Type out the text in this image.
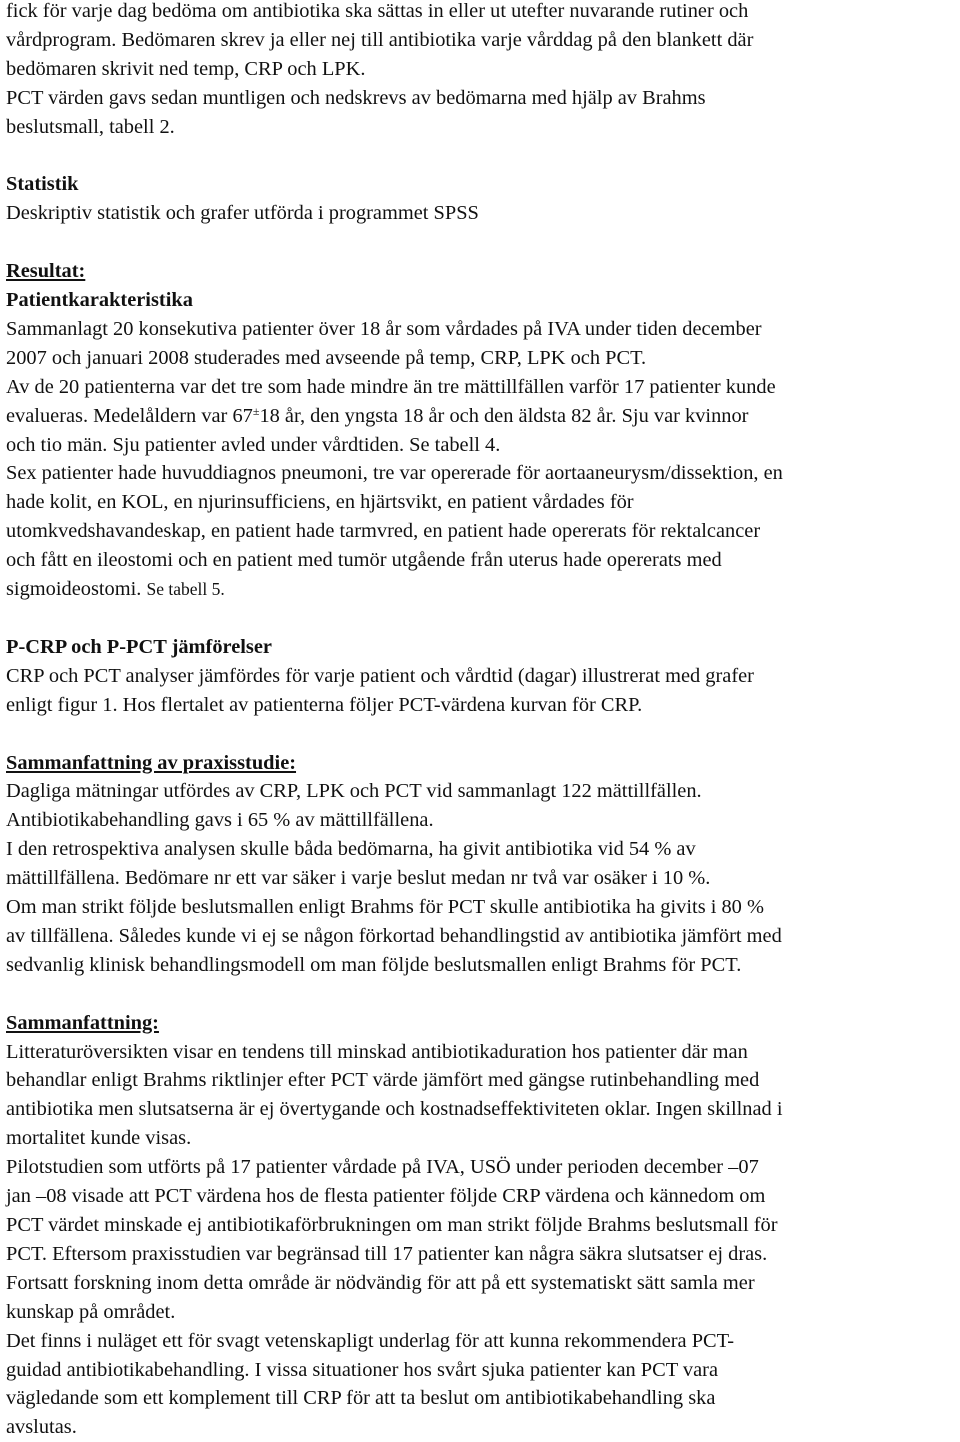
fick för varje dag bedöma om antibiotika ska sättas in eller ut utefter nuvarande rutiner och
vårdprogram. Bedömaren skrev ja eller nej till antibiotika varje vårddag på den blankett där
bedömaren skrivit ned temp, CRP och LPK.
PCT värden gavs sedan muntligen och nedskrevs av bedömarna med hjälp av Brahms
beslutsmall, tabell 2.
Statistik
Deskriptiv statistik och grafer utförda i programmet SPSS
Resultat:
Patientkarakteristika
Sammanlagt 20 konsekutiva patienter över 18 år som vårdades på IVA under tiden december
2007 och januari 2008 studerades med avseende på temp, CRP, LPK och PCT.
Av de 20 patienterna var det tre som hade mindre än tre mättillfällen varför 17 patienter kunde
evalueras. Medelåldern var 67±18 år, den yngsta 18 år och den äldsta 82 år. Sju var kvinnor
och tio män. Sju patienter avled under vårdtiden. Se tabell 4.
Sex patienter hade huvuddiagnos pneumoni, tre var opererade för aortaaneurysm/dissektion, en
hade kolit, en KOL, en njurinsufficiens, en hjärtsvikt, en patient vårdades för
utomkvedshavandeskap, en patient hade tarmvred, en patient hade opererats för rektalcancer
och fått en ileostomi och en patient med tumör utgående från uterus hade opererats med
sigmoideostomi. Se tabell 5.
P-CRP och P-PCT jämförelser
CRP och PCT analyser jämfördes för varje patient och vårdtid (dagar) illustrerat med grafer
enligt figur 1. Hos flertalet av patienterna följer PCT-värdena kurvan för CRP.
Sammanfattning av praxisstudie:
Dagliga mätningar utfördes av CRP, LPK och PCT vid sammanlagt 122 mättillfällen.
Antibiotikabehandling gavs i 65 % av mättillfällena.
I den retrospektiva analysen skulle båda bedömarna, ha givit antibiotika vid 54 % av
mättillfällena. Bedömare nr ett var säker i varje beslut medan nr två var osäker i 10 %.
Om man strikt följde beslutsmallen enligt Brahms för PCT skulle antibiotika ha givits i 80 %
av tillfällena. Således kunde vi ej se någon förkortad behandlingstid av antibiotika jämfört med
sedvanlig klinisk behandlingsmodell om man följde beslutsmallen enligt Brahms för PCT.
Sammanfattning:
Litteraturöversikten visar en tendens till minskad antibiotikaduration hos patienter där man
behandlar enligt Brahms riktlinjer efter PCT värde jämfört med gängse rutinbehandling med
antibiotika men slutsatserna är ej övertygande och kostnadseffektiviteten oklar. Ingen skillnad i
mortalitet kunde visas.
Pilotstudien som utförts på 17 patienter vårdade på IVA, USÖ under perioden december –07
jan –08 visade att PCT värdena hos de flesta patienter följde CRP värdena och kännedom om
PCT värdet minskade ej antibiotikaförbrukningen om man strikt följde Brahms beslutsmall för
PCT. Eftersom praxisstudien var begränsad till 17 patienter kan några säkra slutsatser ej dras.
Fortsatt forskning inom detta område är nödvändig för att på ett systematiskt sätt samla mer
kunskap på området.
Det finns i nuläget ett för svagt vetenskapligt underlag för att kunna rekommendera PCT-
guidad antibiotikabehandling. I vissa situationer hos svårt sjuka patienter kan PCT vara
vägledande som ett komplement till CRP för att ta beslut om antibiotikabehandling ska
avslutas.
